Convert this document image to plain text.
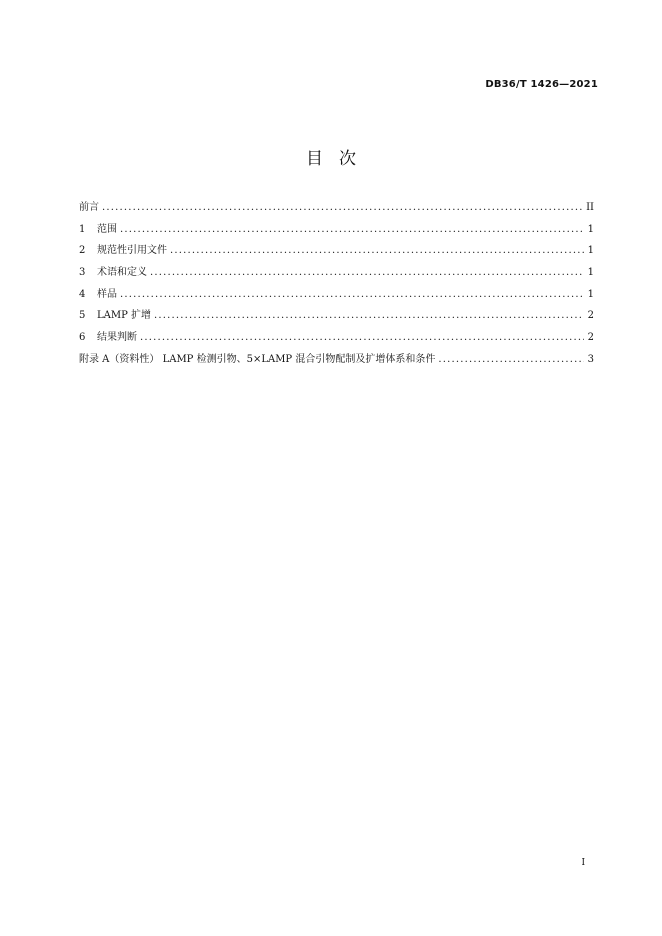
DB36/T 1426—2021
目次
前言 .....	II
1	范围 .....	1
2	规范性引用文件 .....	1
3	术语和定义 .....	1
4	样品 .....	1
5	LAMP 扩增 .....	2
6	结果判断 .....	2
附录 A（资料性） LAMP 检测引物、5×LAMP 混合引物配制及扩增体系和条件 .....	3
I
